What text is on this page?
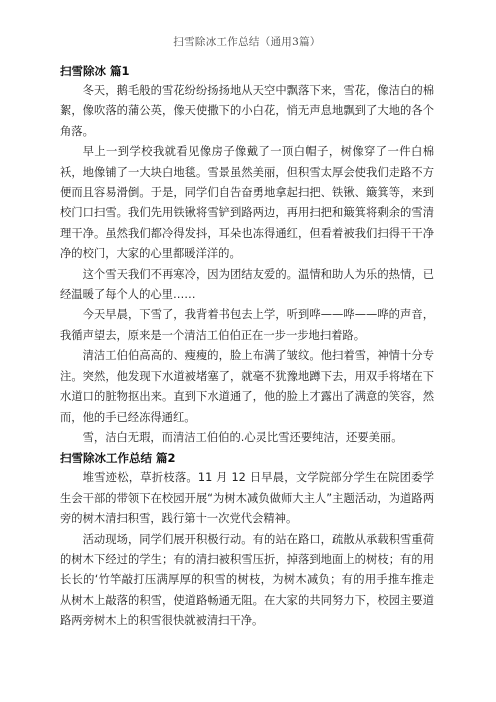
扫雪除冰工作总结（通用3篇）

扫雪除冰 篇1

冬天，鹅毛般的雪花纷纷扬扬地从天空中飘落下来，雪花，像洁白的棉絮，像吹落的蒲公英，像天使撒下的小白花，悄无声息地飘到了大地的各个角落。

早上一到学校我就看见像房子像戴了一顶白帽子，树像穿了一件白棉袄，地像铺了一大块白地毯。雪景虽然美丽，但积雪太厚会使我们走路不方便而且容易滑倒。于是，同学们自告奋勇地拿起扫把、铁锹、簸箕等，来到校门口扫雪。我们先用铁锹将雪铲到路两边，再用扫把和簸箕将剩余的雪清理干净。虽然我们都冷得发抖，耳朵也冻得通红，但看着被我们扫得干干净净的校门，大家的心里都暖洋洋的。

这个雪天我们不再寒冷，因为团结友爱的。温情和助人为乐的热情，已经温暖了每个人的心里……

今天早晨，下雪了，我背着书包去上学，听到哗——哗——哗的声音，我循声望去，原来是一个清洁工伯伯正在一步一步地扫着路。

清洁工伯伯高高的、瘦瘦的，脸上布满了皱纹。他扫着雪，神情十分专注。突然，他发现下水道被堵塞了，就毫不犹豫地蹲下去，用双手将堵在下水道口的脏物抠出来。直到下水道通了，他的脸上才露出了满意的笑容，然而，他的手已经冻得通红。

雪，洁白无瑕，而清洁工伯伯的.心灵比雪还要纯洁，还要美丽。

扫雪除冰工作总结 篇2

堆雪迹松，草折枝落。11 月 12 日早晨，文学院部分学生在院团委学生会干部的带领下在校园开展“为树木减负做师大主人”主题活动，为道路两旁的树木清扫积雪，践行第十一次党代会精神。

活动现场，同学们展开积极行动。有的站在路口，疏散从承载积雪重荷的树木下经过的学生；有的清扫被积雪压折，掉落到地面上的树枝；有的用长长的‘竹竿敲打压满厚厚的积雪的树枝，为树木减负；有的用手推车推走从树木上敲落的积雪，使道路畅通无阻。在大家的共同努力下，校园主要道路两旁树木上的积雪很快就被清扫干净。
